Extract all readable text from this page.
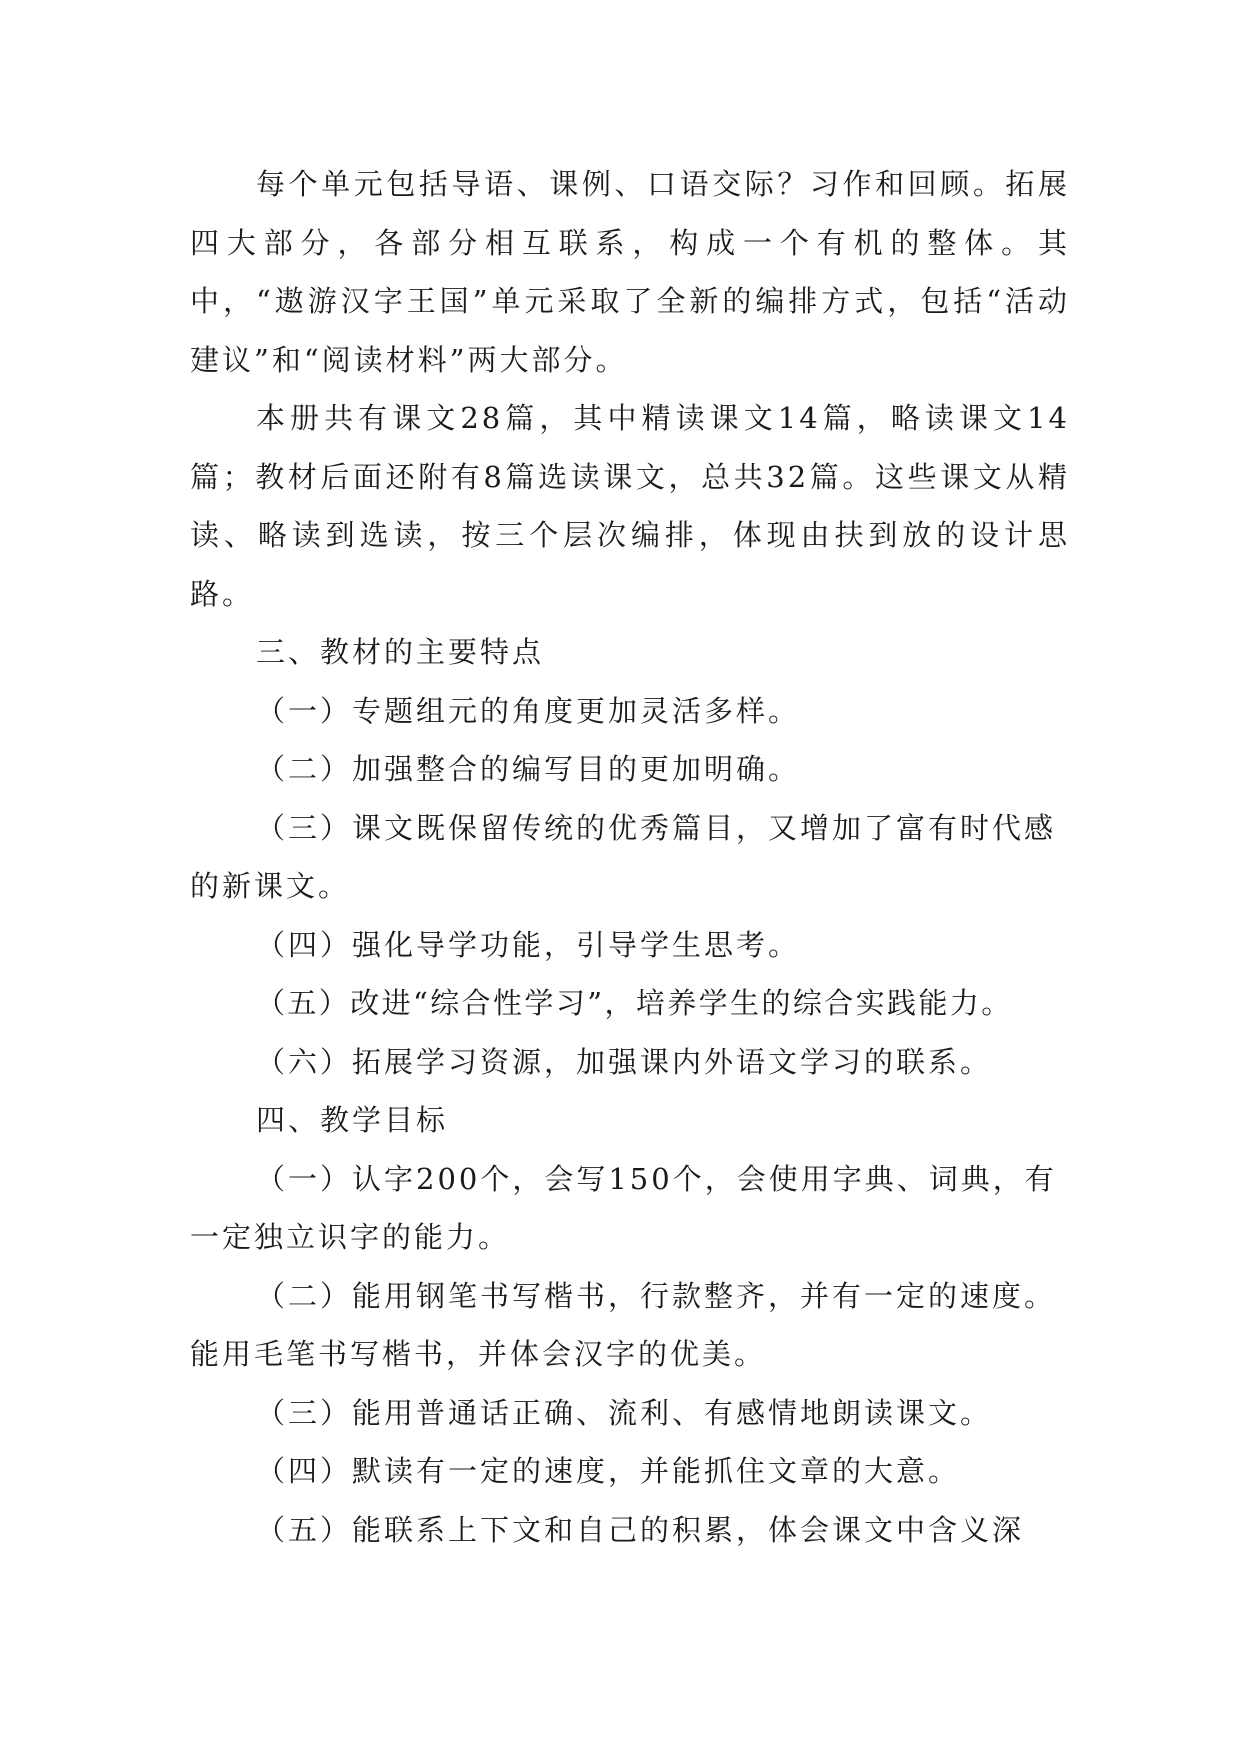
每个单元包括导语、课例、口语交际？习作和回顾。拓展四大部分，各部分相互联系，构成一个有机的整体。其中，“遨游汉字王国”单元采取了全新的编排方式，包括“活动建议”和“阅读材料”两大部分。

本册共有课文28篇，其中精读课文14篇，略读课文14篇；教材后面还附有8篇选读课文，总共32篇。这些课文从精读、略读到选读，按三个层次编排，体现由扶到放的设计思路。

三、教材的主要特点

（一）专题组元的角度更加灵活多样。

（二）加强整合的编写目的更加明确。

（三）课文既保留传统的优秀篇目，又增加了富有时代感的新课文。

（四）强化导学功能，引导学生思考。

（五）改进“综合性学习”，培养学生的综合实践能力。

（六）拓展学习资源，加强课内外语文学习的联系。

四、教学目标

（一）认字200个，会写150个，会使用字典、词典，有一定独立识字的能力。

（二）能用钢笔书写楷书，行款整齐，并有一定的速度。能用毛笔书写楷书，并体会汉字的优美。

（三）能用普通话正确、流利、有感情地朗读课文。

（四）默读有一定的速度，并能抓住文章的大意。

（五）能联系上下文和自己的积累，体会课文中含义深
